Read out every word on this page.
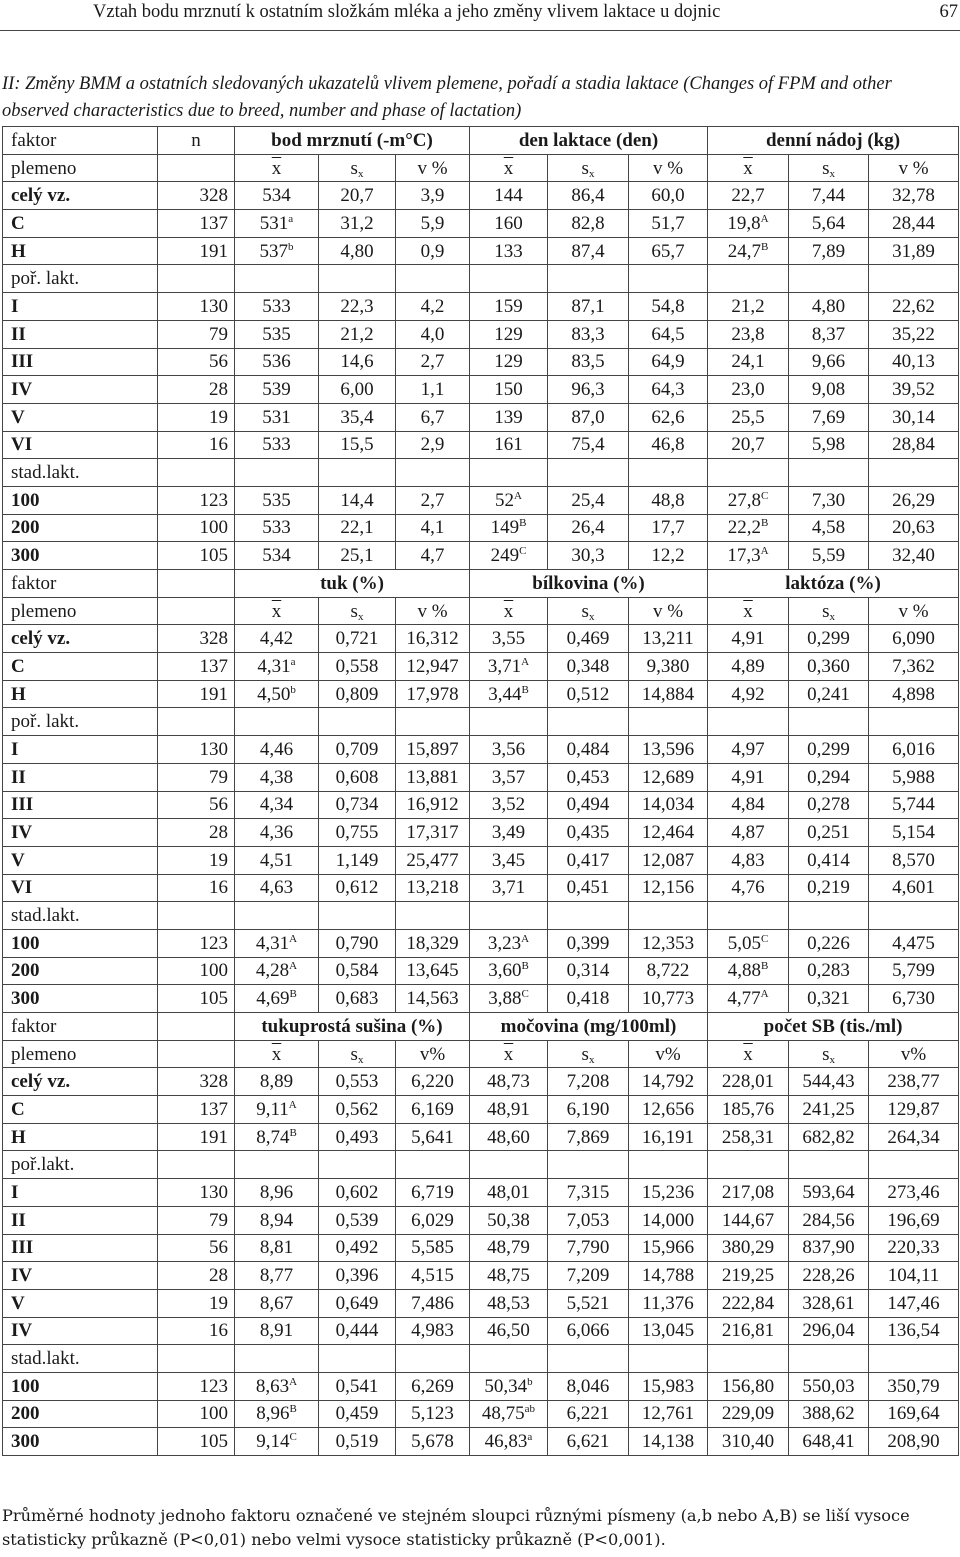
Vztah bodu mrznutí k ostatním složkám mléka a jeho změny vlivem laktace u dojnic	67
II: Změny BMM a ostatních sledovaných ukazatelů vlivem plemene, pořadí a stadia laktace (Changes of FPM and other observed characteristics due to breed, number and phase of lactation)
faktor	n	bod mrznutí (-m°C)			den laktace (den)			denní nádoj (kg)		
plemeno		$\overline{x}$	$s_x$	v %	$\overline{x}$	$s_x$	v %	$\overline{x}$	$s_x$	v %
celý vz.	328	534	20,7	3,9	144	86,4	60,0	22,7	7,44	32,78
C	137	531$^a$	31,2	5,9	160	82,8	51,7	$19,8^A$	5,64	28,44
H	191	537$^b$	4,80	0,9	133	87,4	65,7	$24,7^B$	7,89	31,89
poř. lakt.										
I	130	533	22,3	4,2	159	87,1	54,8	21,2	4,80	22,62
II	79	535	21,2	4,0	129	83,3	64,5	23,8	8,37	35,22
III	56	536	14,6	2,7	129	83,5	64,9	24,1	9,66	40,13
IV	28	539	6,00	1,1	150	96,3	64,3	23,0	9,08	39,52
V	19	531	35,4	6,7	139	87,0	62,6	25,5	7,69	30,14
VI	16	533	15,5	2,9	161	75,4	46,8	20,7	5,98	28,84
stad.lakt.										
100	123	535	14,4	2,7	$52^A$	25,4	48,8	$27,8^C$	7,30	26,29
200	100	533	22,1	4,1	$149^B$	26,4	17,7	$22,2^B$	4,58	20,63
300	105	534	25,1	4,7	$249^C$	30,3	12,2	$17,3^A$	5,59	32,40
faktor		tuk (%)			bílkovina (%)			laktóza (%)		
plemeno		$\overline{x}$	$s_x$	v %	$\overline{x}$	$s_x$	v %	$\overline{x}$	$s_x$	v %
celý vz.	328	4,42	0,721	16,312	3,55	0,469	13,211	4,91	0,299	6,090
C	137	4,31$^a$	0,558	12,947	$3,71^A$	0,348	9,380	4,89	0,360	7,362
H	191	4,50$^b$	0,809	17,978	$3,44^B$	0,512	14,884	4,92	0,241	4,898
poř. lakt.										
I	130	4,46	0,709	15,897	3,56	0,484	13,596	4,97	0,299	6,016
II	79	4,38	0,608	13,881	3,57	0,453	12,689	4,91	0,294	5,988
III	56	4,34	0,734	16,912	3,52	0,494	14,034	4,84	0,278	5,744
IV	28	4,36	0,755	17,317	3,49	0,435	12,464	4,87	0,251	5,154
V	19	4,51	1,149	25,477	3,45	0,417	12,087	4,83	0,414	8,570
VI	16	4,63	0,612	13,218	3,71	0,451	12,156	4,76	0,219	4,601
stad.lakt.										
100	123	$4,31^A$	0,790	18,329	$3,23^A$	0,399	12,353	$5,05^C$	0,226	4,475
200	100	$4,28^A$	0,584	13,645	$3,60^B$	0,314	8,722	$4,88^B$	0,283	5,799
300	105	$4,69^B$	0,683	14,563	$3,88^C$	0,418	10,773	$4,77^A$	0,321	6,730
faktor		tukuprostá sušina (%)			močovina (mg/100ml)			počet SB (tis./ml)		
plemeno		$\overline{x}$	$s_x$	v%	$\overline{x}$	$s_x$	v%	$\overline{x}$	$s_x$	v%
celý vz.	328	8,89	0,553	6,220	48,73	7,208	14,792	228,01	544,43	238,77
C	137	$9,11^A$	0,562	6,169	48,91	6,190	12,656	185,76	241,25	129,87
H	191	$8,74^B$	0,493	5,641	48,60	7,869	16,191	258,31	682,82	264,34
poř.lakt.										
I	130	8,96	0,602	6,719	48,01	7,315	15,236	217,08	593,64	273,46
II	79	8,94	0,539	6,029	50,38	7,053	14,000	144,67	284,56	196,69
III	56	8,81	0,492	5,585	48,79	7,790	15,966	380,29	837,90	220,33
IV	28	8,77	0,396	4,515	48,75	7,209	14,788	219,25	228,26	104,11
V	19	8,67	0,649	7,486	48,53	5,521	11,376	222,84	328,61	147,46
IV	16	8,91	0,444	4,983	46,50	6,066	13,045	216,81	296,04	136,54
stad.lakt.										
100	123	$8,63^A$	0,541	6,269	50,34$^b$	8,046	15,983	156,80	550,03	350,79
200	100	$8,96^B$	0,459	5,123	48,75$^{ab}$	6,221	12,761	229,09	388,62	169,64
300	105	$9,14^C$	0,519	5,678	46,83$^a$	6,621	14,138	310,40	648,41	208,90
Průměrné hodnoty jednoho faktoru označené ve stejném sloupci různými písmeny (a,b nebo A,B) se liší vysoce statisticky průkazně (P<0,01) nebo velmi vysoce statisticky průkazně (P<0,001).
